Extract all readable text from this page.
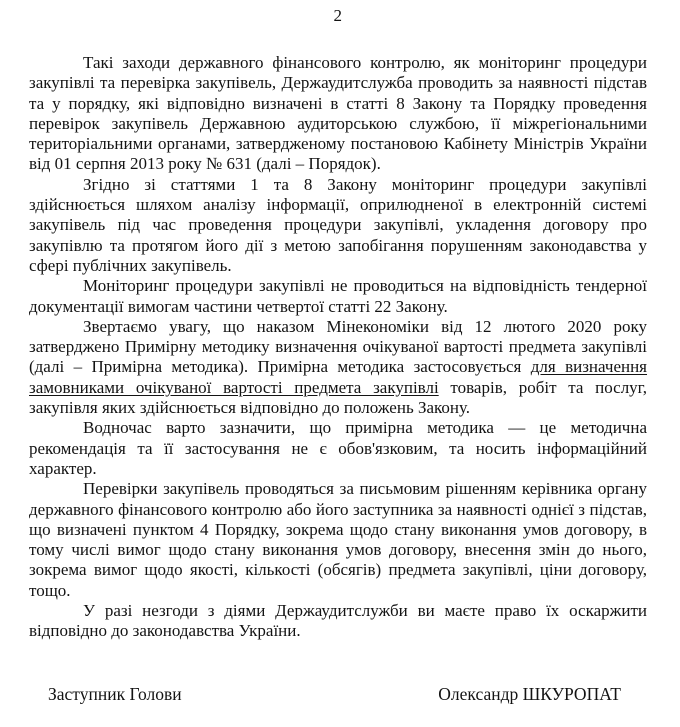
2

Такі заходи державного фінансового контролю, як моніторинг процедури закупівлі та перевірка закупівель, Держаудитслужба проводить за наявності підстав та у порядку, які відповідно визначені в статті 8 Закону та Порядку проведення перевірок закупівель Державною аудиторською службою, її міжрегіональними територіальними органами, затвердженому постановою Кабінету Міністрів України від 01 серпня 2013 року № 631 (далі – Порядок).

Згідно зі статтями 1 та 8 Закону моніторинг процедури закупівлі здійснюється шляхом аналізу інформації, оприлюдненої в електронній системі закупівель під час проведення процедури закупівлі, укладення договору про закупівлю та протягом його дії з метою запобігання порушенням законодавства у сфері публічних закупівель.

Моніторинг процедури закупівлі не проводиться на відповідність тендерної документації вимогам частини четвертої статті 22 Закону.

Звертаємо увагу, що наказом Мінекономіки від 12 лютого 2020 року затверджено Примірну методику визначення очікуваної вартості предмета закупівлі (далі – Примірна методика). Примірна методика застосовується для визначення замовниками очікуваної вартості предмета закупівлі товарів, робіт та послуг, закупівля яких здійснюється відповідно до положень Закону.

Водночас варто зазначити, що примірна методика — це методична рекомендація та її застосування не є обов'язковим, та носить інформаційний характер.

Перевірки закупівель проводяться за письмовим рішенням керівника органу державного фінансового контролю або його заступника за наявності однієї з підстав, що визначені пунктом 4 Порядку, зокрема щодо стану виконання умов договору, в тому числі вимог щодо стану виконання умов договору, внесення змін до нього, зокрема вимог щодо якості, кількості (обсягів) предмета закупівлі, ціни договору, тощо.

У разі незгоди з діями Держаудитслужби ви маєте право їх оскаржити відповідно до законодавства України.

Заступник Голови	Олександр ШКУРОПАТ
